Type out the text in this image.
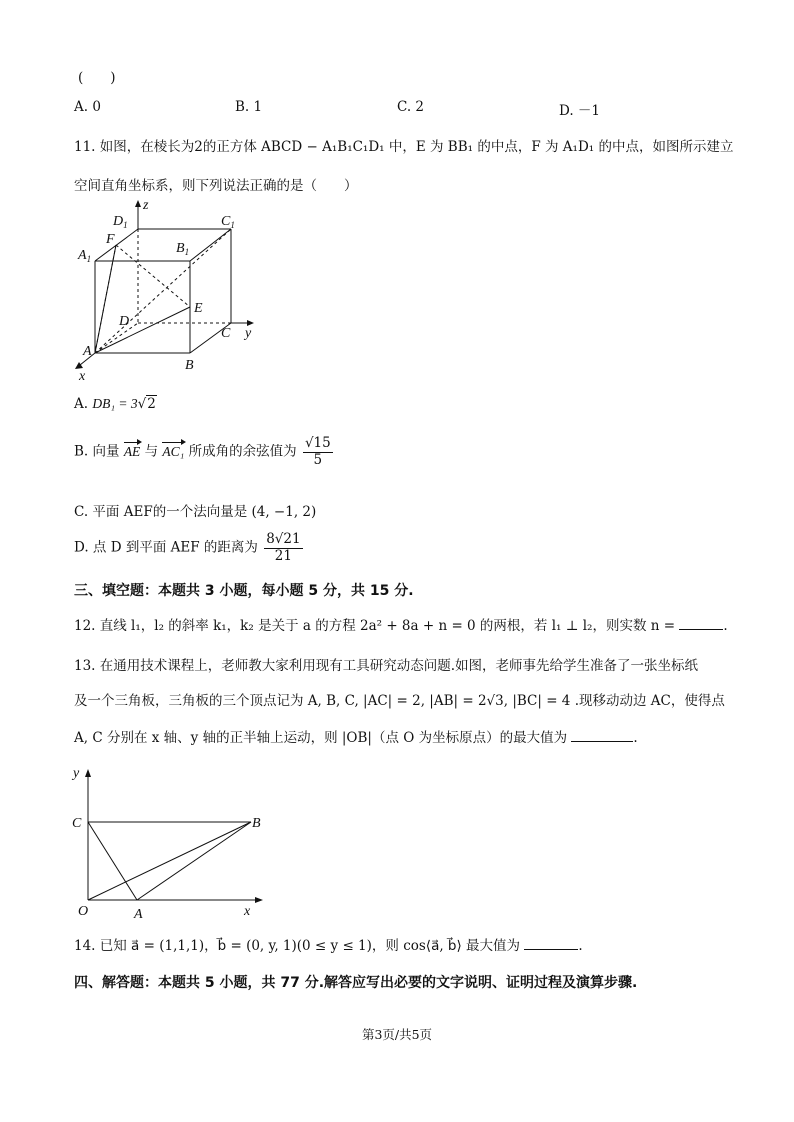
(　　)
A. 0	B. 1	C. 2	D. －1
11. 如图，在棱长为2的正方体 ABCD − A₁B₁C₁D₁ 中，E 为 BB₁ 的中点，F 为 A₁D₁ 的中点，如图所示建立
空间直角坐标系，则下列说法正确的是（　　）
z
$D_1$	$C_1$
F
$A_1$
$B_1$
E
D
C y
A
B
x
A. DB₁ = 3√2
B. 向量 AE 与 AC₁ 所成角的余弦值为 $\frac{√15}{5}$
C. 平面 AEF的一个法向量是 (4, −1, 2)
D. 点 D 到平面 AEF 的距离为 $\frac{8√21}{21}$
三、填空题：本题共 3 小题，每小题 5 分，共 15 分.
12. 直线 l₁，l₂ 的斜率 k₁，k₂ 是关于 a 的方程 2a² + 8a + n = 0 的两根，若 l₁ ⊥ l₂，则实数 n =	.
13. 在通用技术课程上，老师教大家利用现有工具研究动态问题.如图，老师事先给学生准备了一张坐标纸
及一个三角板，三角板的三个顶点记为 A, B, C, |AC| = 2, |AB| = 2√3, |BC| = 4 .现移动动边 AC，使得点
A, C 分别在 x 轴、y 轴的正半轴上运动，则 |OB|（点 O 为坐标原点）的最大值为	.
y
C	B
O	A	x
14. 已知 a⃗ = (1,1,1)，b⃗ = (0, y, 1)(0 ≤ y ≤ 1)，则 cos⟨a⃗, b⃗⟩ 最大值为	.
四、解答题：本题共 5 小题，共 77 分.解答应写出必要的文字说明、证明过程及演算步骤.
第3页/共5页
